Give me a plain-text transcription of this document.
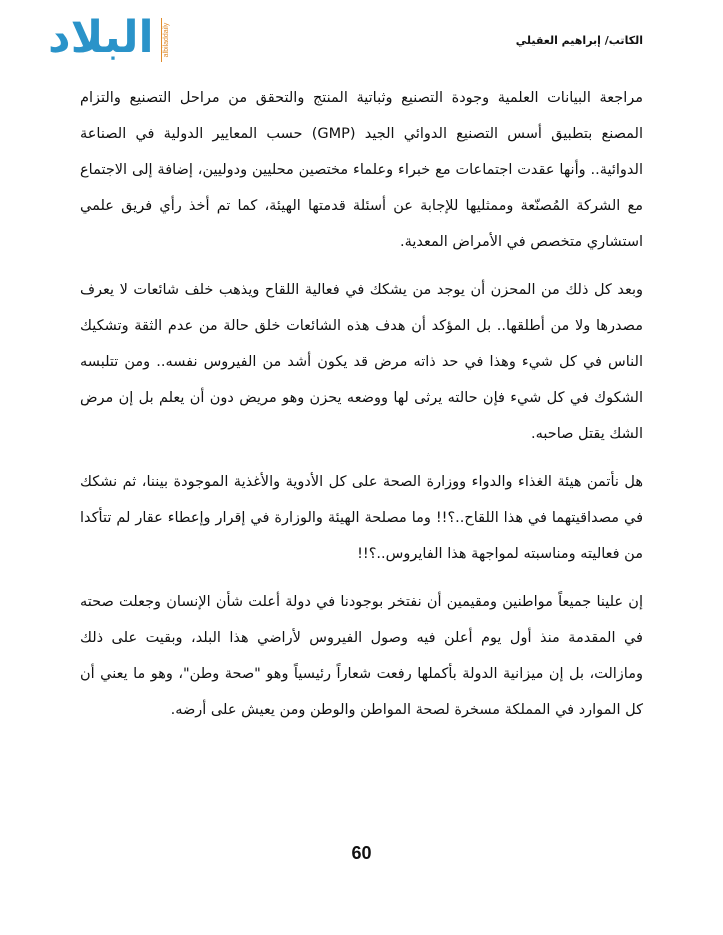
البلاد albiladdaily	الكاتب/ إبراهيم العقيلي

مراجعة البيانات العلمية وجودة التصنيع وثباتية المنتج والتحقق من مراحل التصنيع والتزام المصنع بتطبيق أسس التصنيع الدوائي الجيد (GMP) حسب المعايير الدولية في الصناعة الدوائية.. وأنها عقدت اجتماعات مع خبراء وعلماء مختصين محليين ودوليين، إضافة إلى الاجتماع مع الشركة المُصنّعة وممثليها للإجابة عن أسئلة قدمتها الهيئة، كما تم أخذ رأي فريق علمي استشاري متخصص في الأمراض المعدية.

وبعد كل ذلك من المحزن أن يوجد من يشكك في فعالية اللقاح ويذهب خلف شائعات لا يعرف مصدرها ولا من أطلقها.. بل المؤكد أن هدف هذه الشائعات خلق حالة من عدم الثقة وتشكيك الناس في كل شيء وهذا في حد ذاته مرض قد يكون أشد من الفيروس نفسه.. ومن تتلبسه الشكوك في كل شيء فإن حالته يرثى لها ووضعه يحزن وهو مريض دون أن يعلم بل إن مرض الشك يقتل صاحبه.

هل نأتمن هيئة الغذاء والدواء ووزارة الصحة على كل الأدوية والأغذية الموجودة بيننا، ثم نشكك في مصداقيتهما في هذا اللقاح..؟!! وما مصلحة الهيئة والوزارة في إقرار وإعطاء عقار لم تتأكدا من فعاليته ومناسبته لمواجهة هذا الفايروس..؟!!

إن علينا جميعاً مواطنين ومقيمين أن نفتخر بوجودنا في دولة أعلت شأن الإنسان وجعلت صحته في المقدمة منذ أول يوم أعلن فيه وصول الفيروس لأراضي هذا البلد، وبقيت على ذلك ومازالت، بل إن ميزانية الدولة بأكملها رفعت شعاراً رئيسياً وهو "صحة وطن"، وهو ما يعني أن كل الموارد في المملكة مسخرة لصحة المواطن والوطن ومن يعيش على أرضه.

60
